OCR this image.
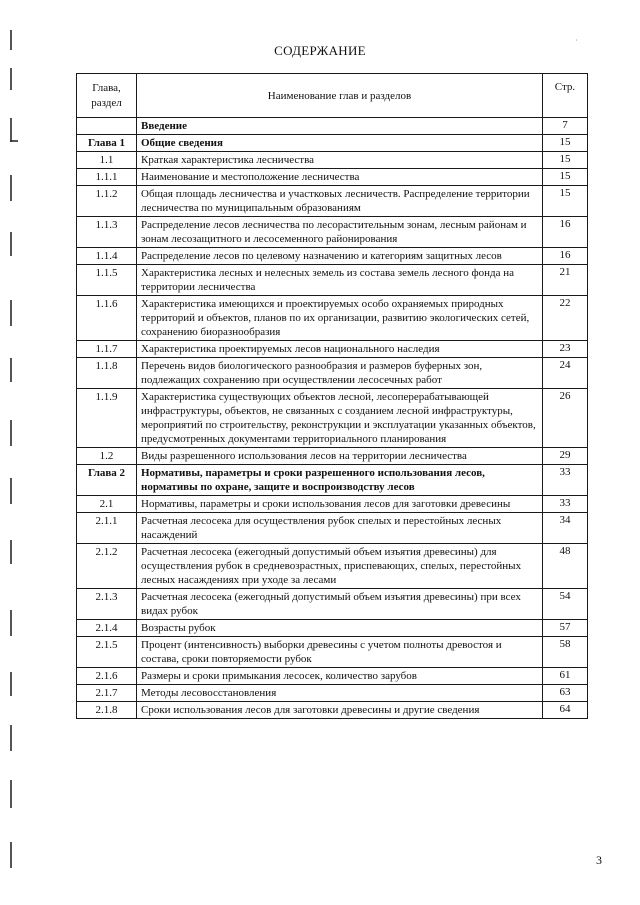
·
СОДЕРЖАНИЕ
Глава, раздел	Наименование глав и разделов	Стр.
	Введение	7
Глава 1	Общие сведения	15
1.1	Краткая характеристика лесничества	15
1.1.1	Наименование и местоположение лесничества	15
1.1.2	Общая площадь лесничества и участковых лесничеств. Распределение территории лесничества по муниципальным образованиям	15
1.1.3	Распределение лесов лесничества по лесорастительным зонам, лесным районам и зонам лесозащитного и лесосеменного районирования	16
1.1.4	Распределение лесов по целевому назначению и категориям защитных лесов	16
1.1.5	Характеристика лесных и нелесных земель из состава земель лесного фонда на территории лесничества	21
1.1.6	Характеристика имеющихся и проектируемых особо охраняемых природных территорий и объектов, планов по их организации, развитию экологических сетей, сохранению биоразнообразия	22
1.1.7	Характеристика проектируемых лесов национального наследия	23
1.1.8	Перечень видов биологического разнообразия и размеров буферных зон, подлежащих сохранению при осуществлении лесосечных работ	24
1.1.9	Характеристика существующих объектов лесной, лесоперерабатывающей инфраструктуры, объектов, не связанных с созданием лесной инфраструктуры, мероприятий по строительству, реконструкции и эксплуатации указанных объектов, предусмотренных документами территориального планирования	26
1.2	Виды разрешенного использования лесов на территории лесничества	29
Глава 2	Нормативы, параметры и сроки разрешенного использования лесов, нормативы по охране, защите и воспроизводству лесов	33
2.1	Нормативы, параметры и сроки использования лесов для заготовки древесины	33
2.1.1	Расчетная лесосека для осуществления рубок спелых и перестойных лесных насаждений	34
2.1.2	Расчетная лесосека (ежегодный допустимый объем изъятия древесины) для осуществления рубок в средневозрастных, приспевающих, спелых, перестойных лесных насаждениях при уходе за лесами	48
2.1.3	Расчетная лесосека (ежегодный допустимый объем изъятия древесины) при всех видах рубок	54
2.1.4	Возрасты рубок	57
2.1.5	Процент (интенсивность) выборки древесины с учетом полноты древостоя и состава, сроки повторяемости рубок	58
2.1.6	Размеры и сроки примыкания лесосек, количество зарубов	61
2.1.7	Методы лесовосстановления	63
2.1.8	Сроки использования лесов для заготовки древесины и другие сведения	64
3
